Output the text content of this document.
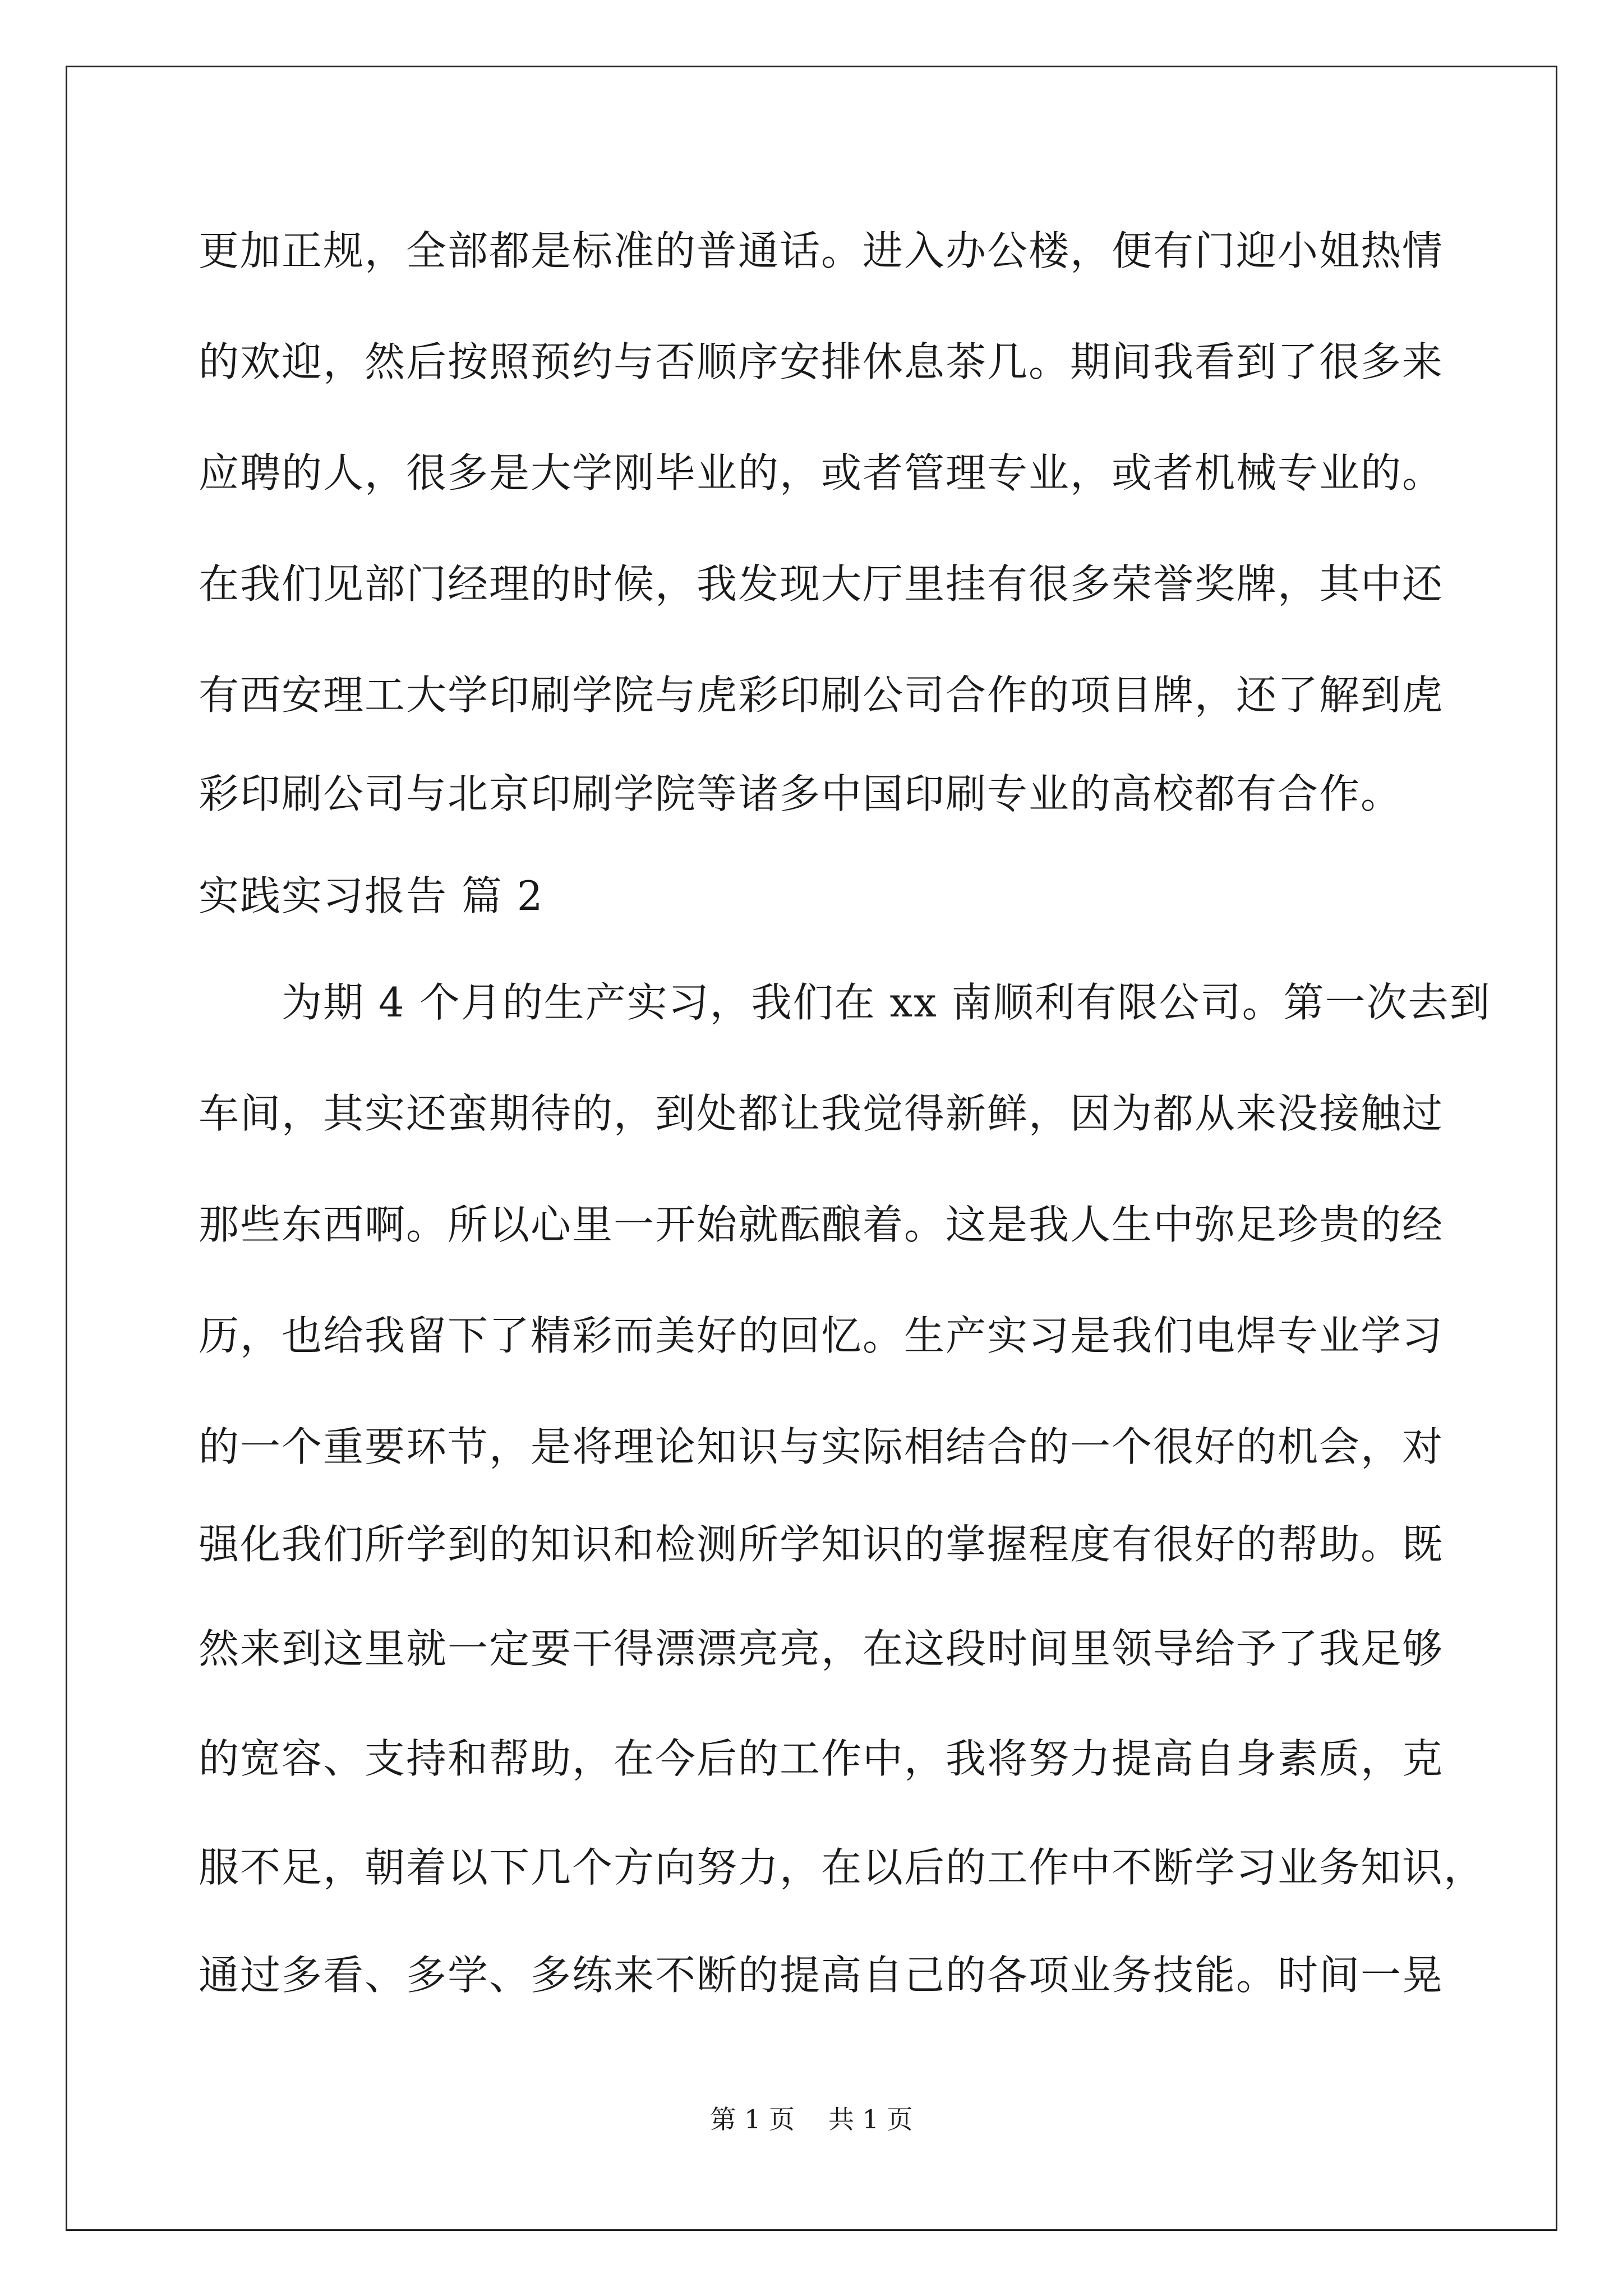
更加正规，全部都是标准的普通话。进入办公楼，便有门迎小姐热情
的欢迎，然后按照预约与否顺序安排休息茶几。期间我看到了很多来
应聘的人，很多是大学刚毕业的，或者管理专业，或者机械专业的。
在我们见部门经理的时候，我发现大厅里挂有很多荣誉奖牌，其中还
有西安理工大学印刷学院与虎彩印刷公司合作的项目牌，还了解到虎
彩印刷公司与北京印刷学院等诸多中国印刷专业的高校都有合作。
实践实习报告 篇 2
　　为期 4 个月的生产实习，我们在 xx 南顺利有限公司。第一次去到
车间，其实还蛮期待的，到处都让我觉得新鲜，因为都从来没接触过
那些东西啊。所以心里一开始就酝酿着。这是我人生中弥足珍贵的经
历，也给我留下了精彩而美好的回忆。生产实习是我们电焊专业学习
的一个重要环节，是将理论知识与实际相结合的一个很好的机会，对
强化我们所学到的知识和检测所学知识的掌握程度有很好的帮助。既
然来到这里就一定要干得漂漂亮亮，在这段时间里领导给予了我足够
的宽容、支持和帮助，在今后的工作中，我将努力提高自身素质，克
服不足，朝着以下几个方向努力，在以后的工作中不断学习业务知识，
通过多看、多学、多练来不断的提高自己的各项业务技能。时间一晃
第 1 页 共 1 页
